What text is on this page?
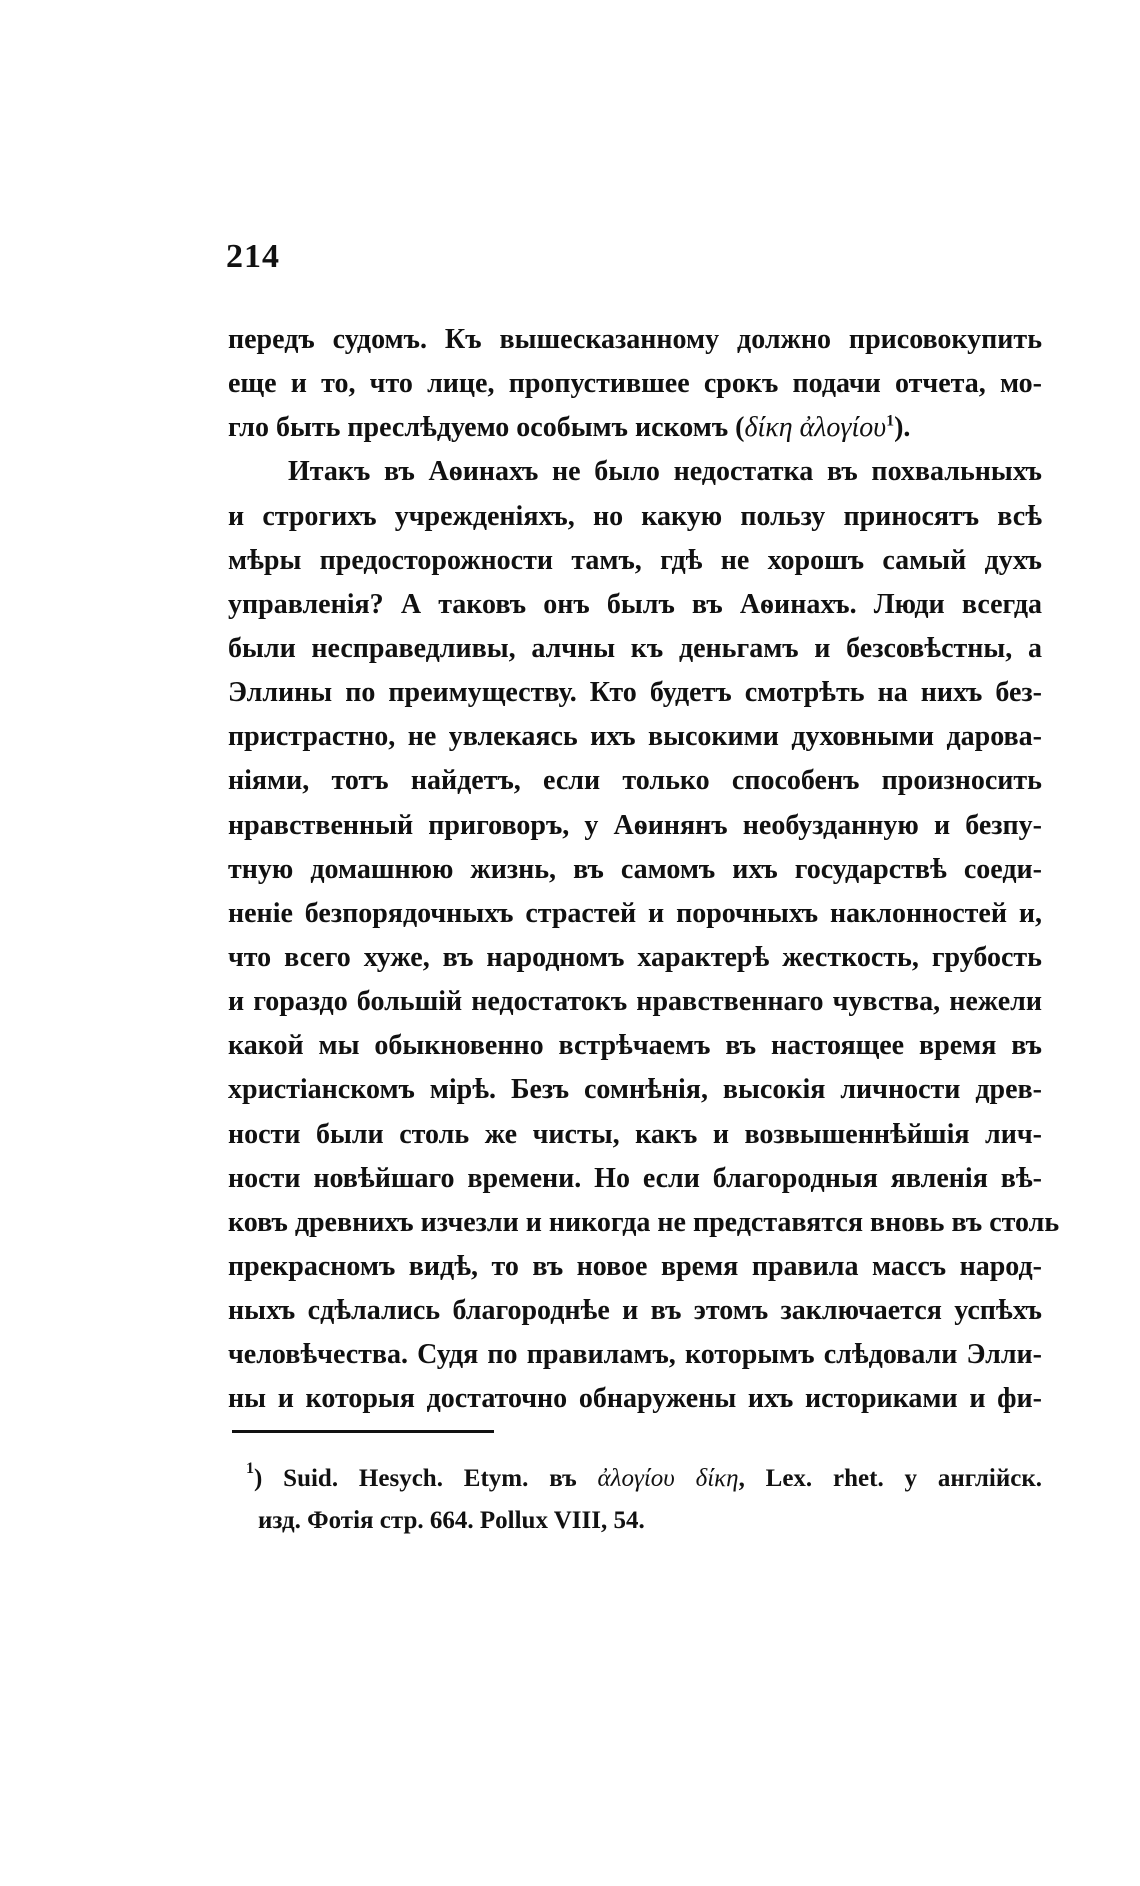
214
передъ судомъ. Къ вышесказанному должно присовокупить
еще и то, что лице, пропустившее срокъ подачи отчета, мо-
гло быть преслѣдуемо особымъ искомъ (δίκη ἀλογίου$^1$).
Итакъ въ Аѳинахъ не было недостатка въ похвальныхъ
и строгихъ учрежденіяхъ, но какую пользу приносятъ всѣ
мѣры предосторожности тамъ, гдѣ не хорошъ самый духъ
управленія? А таковъ онъ былъ въ Аѳинахъ. Люди всегда
были несправедливы, алчны къ деньгамъ и безсовѣстны, а
Эллины по преимуществу. Кто будетъ смотрѣть на нихъ без-
пристрастно, не увлекаясь ихъ высокими духовными дарова-
ніями, тотъ найдетъ, если только способенъ произносить
нравственный приговоръ, у Аѳинянъ необузданную и безпу-
тную домашнюю жизнь, въ самомъ ихъ государствѣ соеди-
неніе безпорядочныхъ страстей и порочныхъ наклонностей и,
что всего хуже, въ народномъ характерѣ жесткость, грубость
и гораздо большій недостатокъ нравственнаго чувства, нежели
какой мы обыкновенно встрѣчаемъ въ настоящее время въ
христіанскомъ мірѣ. Безъ сомнѣнія, высокія личности древ-
ности были столь же чисты, какъ и возвышеннѣйшія лич-
ности новѣйшаго времени. Но если благородныя явленія вѣ-
ковъ древнихъ изчезли и никогда не представятся вновь въ столь
прекрасномъ видѣ, то въ новое время правила массъ народ-
ныхъ сдѣлались благороднѣе и въ этомъ заключается успѣхъ
человѣчества. Судя по правиламъ, которымъ слѣдовали Элли-
ны и которыя достаточно обнаружены ихъ историками и фи-
$^1$) Suid. Hesych. Etym. въ ἀλογίου δίκη, Lex. rhet. у англійск.
изд. Фотія стр. 664. Pollux VIII, 54.
